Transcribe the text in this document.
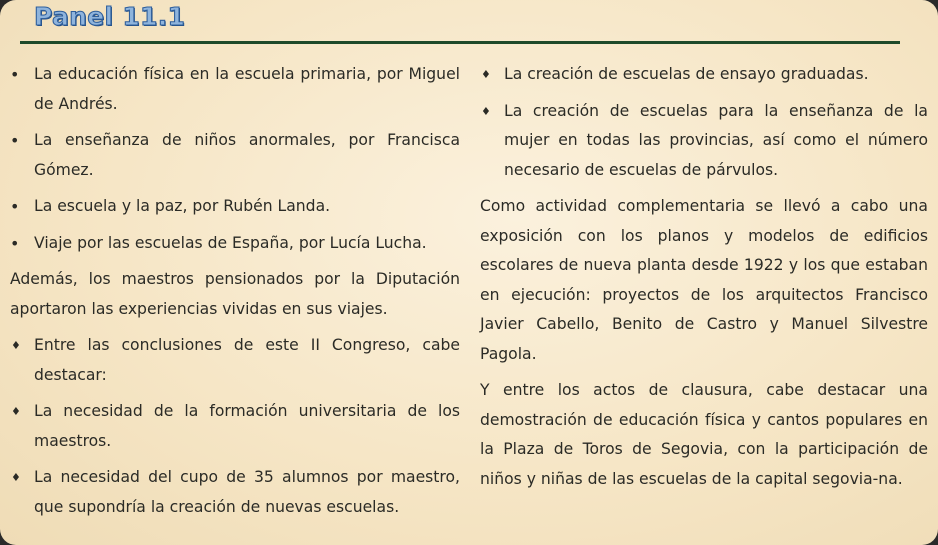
Panel 11.1
• La educación física en la escuela primaria, por Miguel de Andrés.
• La enseñanza de niños anormales, por Francisca Gómez.
• La escuela y la paz, por Rubén Landa.
• Viaje por las escuelas de España, por Lucía Lucha.

Además, los maestros pensionados por la Diputación aportaron las experiencias vividas en sus viajes.

♦ Entre las conclusiones de este II Congreso, cabe destacar:
♦ La necesidad de la formación universitaria de los maestros.
♦ La necesidad del cupo de 35 alumnos por maestro, que supondría la creación de nuevas escuelas.
♦ La creación de escuelas de ensayo graduadas.
♦ La creación de escuelas para la enseñanza de la mujer en todas las provincias, así como el número necesario de escuelas de párvulos.

Como actividad complementaria se llevó a cabo una exposición con los planos y modelos de edificios escolares de nueva planta desde 1922 y los que estaban en ejecución: proyectos de los arquitectos Francisco Javier Cabello, Benito de Castro y Manuel Silvestre Pagola.

Y entre los actos de clausura, cabe destacar una demostración de educación física y cantos populares en la Plaza de Toros de Segovia, con la participación de niños y niñas de las escuelas de la capital segovia-na.
